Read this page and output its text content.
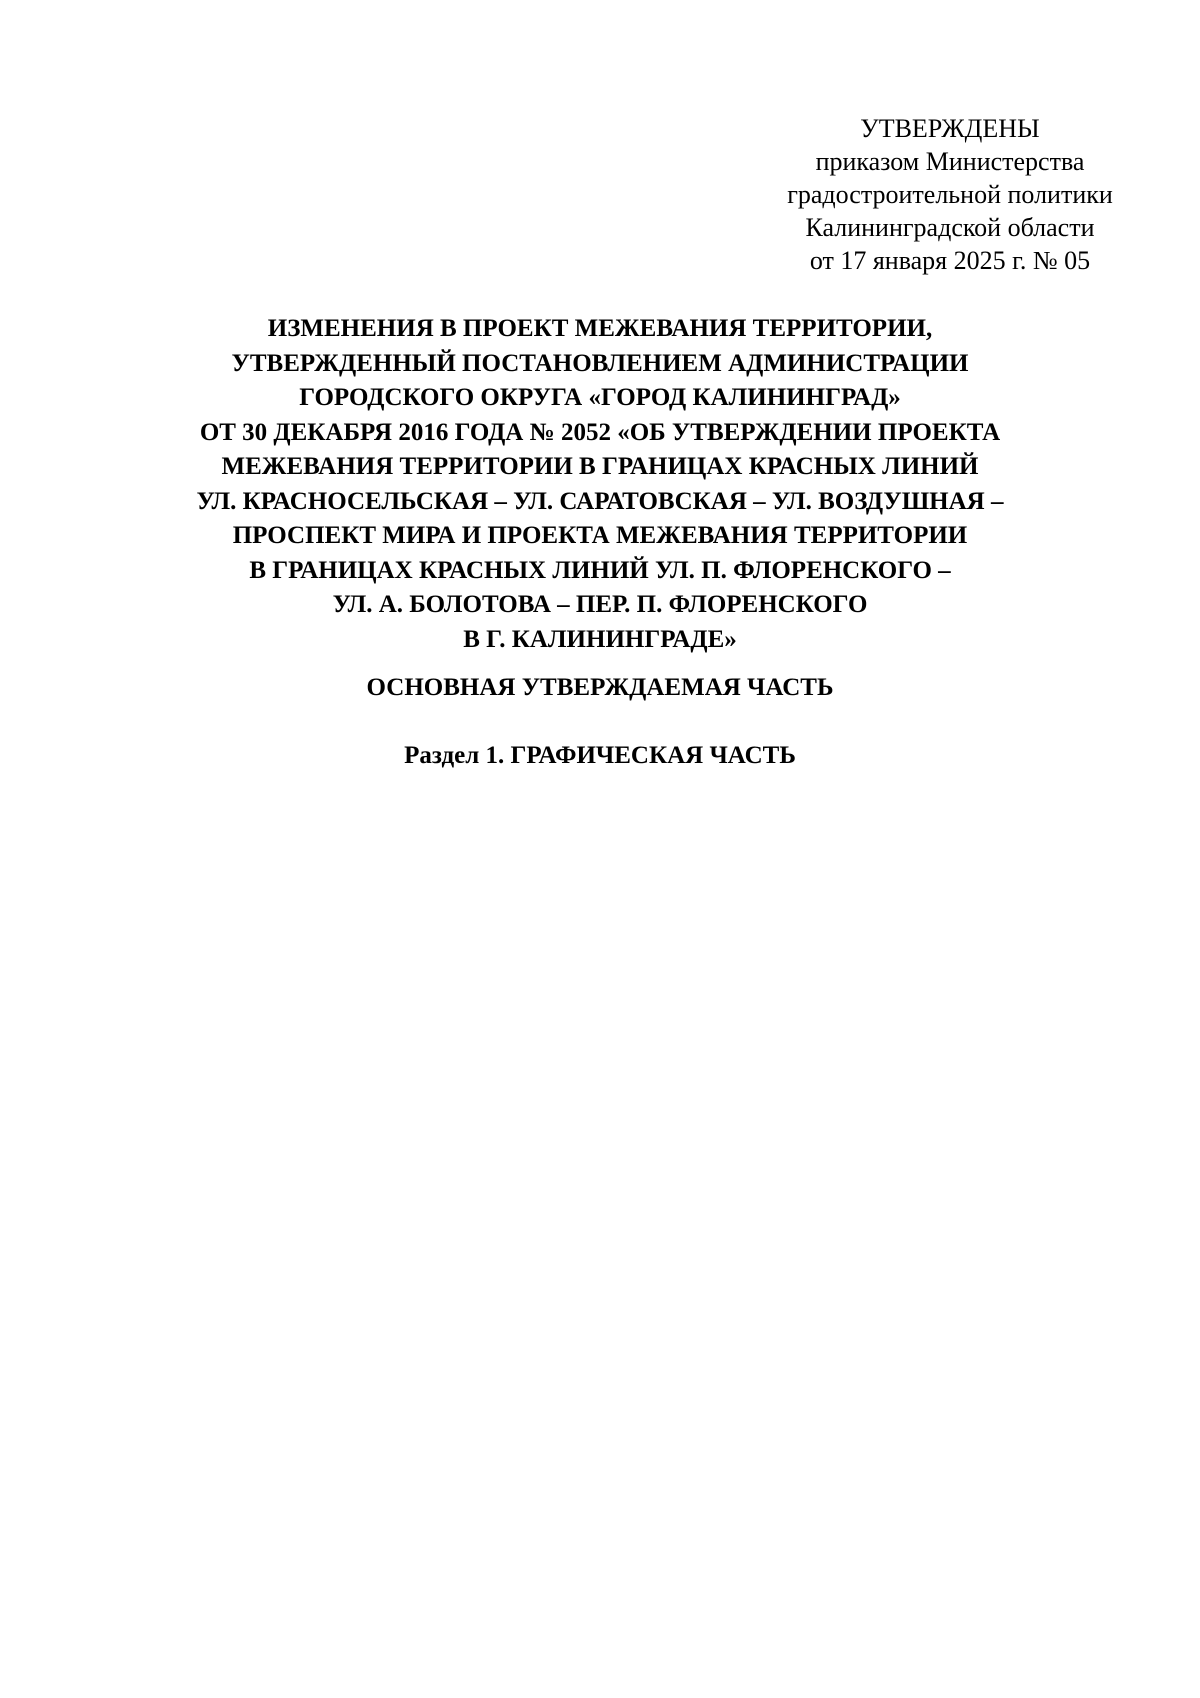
УТВЕРЖДЕНЫ
приказом Министерства
градостроительной политики
Калининградской области
от 17 января 2025 г. № 05
ИЗМЕНЕНИЯ В ПРОЕКТ МЕЖЕВАНИЯ ТЕРРИТОРИИ,
УТВЕРЖДЕННЫЙ ПОСТАНОВЛЕНИЕМ АДМИНИСТРАЦИИ
ГОРОДСКОГО ОКРУГА «ГОРОД КАЛИНИНГРАД»
ОТ 30 ДЕКАБРЯ 2016 ГОДА № 2052 «ОБ УТВЕРЖДЕНИИ ПРОЕКТА
МЕЖЕВАНИЯ ТЕРРИТОРИИ В ГРАНИЦАХ КРАСНЫХ ЛИНИЙ
УЛ. КРАСНОСЕЛЬСКАЯ – УЛ. САРАТОВСКАЯ – УЛ. ВОЗДУШНАЯ –
ПРОСПЕКТ МИРА И ПРОЕКТА МЕЖЕВАНИЯ ТЕРРИТОРИИ
В ГРАНИЦАХ КРАСНЫХ ЛИНИЙ УЛ. П. ФЛОРЕНСКОГО –
УЛ. А. БОЛОТОВА – ПЕР. П. ФЛОРЕНСКОГО
В Г. КАЛИНИНГРАДЕ»
ОСНОВНАЯ УТВЕРЖДАЕМАЯ ЧАСТЬ
Раздел 1. ГРАФИЧЕСКАЯ ЧАСТЬ
